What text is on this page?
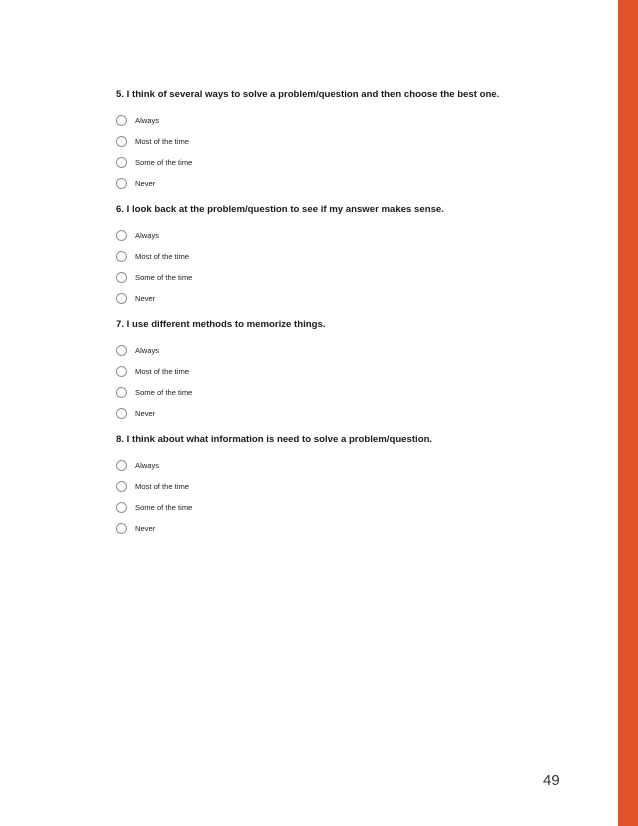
5. I think of several ways to solve a problem/question and then choose the best one.

Always
Most of the time
Some of the time
Never

6. I look back at the problem/question to see if my answer makes sense.

Always
Most of the time
Some of the time
Never

7. I use different methods to memorize things.

Always
Most of the time
Some of the time
Never

8. I think about what information is need to solve a problem/question.

Always
Most of the time
Some of the time
Never
49
